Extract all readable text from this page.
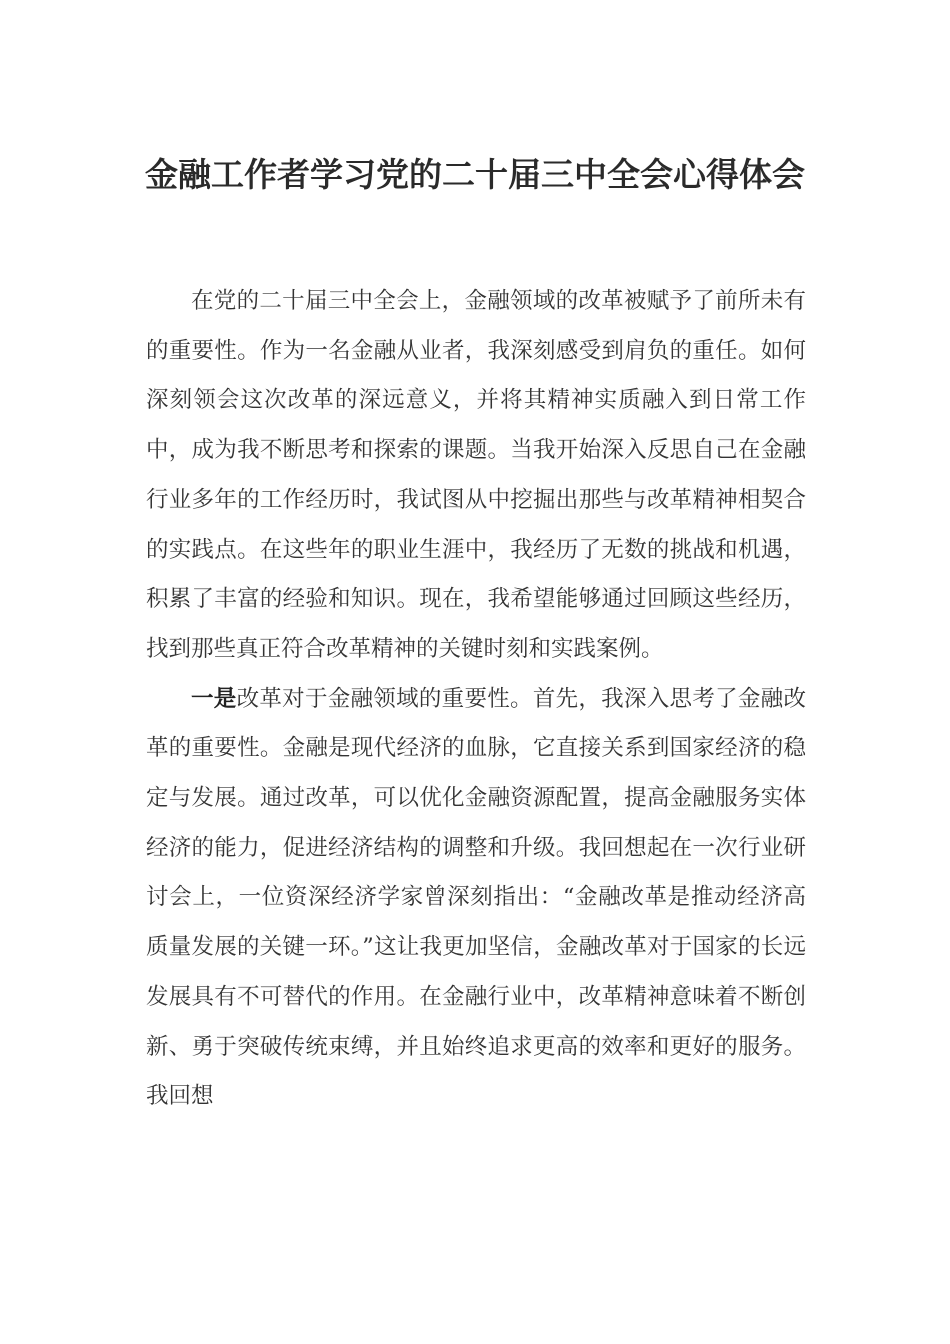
金融工作者学习党的二十届三中全会心得体会

在党的二十届三中全会上，金融领域的改革被赋予了前所未有的重要性。作为一名金融从业者，我深刻感受到肩负的重任。如何深刻领会这次改革的深远意义，并将其精神实质融入到日常工作中，成为我不断思考和探索的课题。当我开始深入反思自己在金融行业多年的工作经历时，我试图从中挖掘出那些与改革精神相契合的实践点。在这些年的职业生涯中，我经历了无数的挑战和机遇，积累了丰富的经验和知识。现在，我希望能够通过回顾这些经历，找到那些真正符合改革精神的关键时刻和实践案例。

一是改革对于金融领域的重要性。首先，我深入思考了金融改革的重要性。金融是现代经济的血脉，它直接关系到国家经济的稳定与发展。通过改革，可以优化金融资源配置，提高金融服务实体经济的能力，促进经济结构的调整和升级。我回想起在一次行业研讨会上，一位资深经济学家曾深刻指出：“金融改革是推动经济高质量发展的关键一环。”这让我更加坚信，金融改革对于国家的长远发展具有不可替代的作用。在金融行业中，改革精神意味着不断创新、勇于突破传统束缚，并且始终追求更高的效率和更好的服务。我回想
